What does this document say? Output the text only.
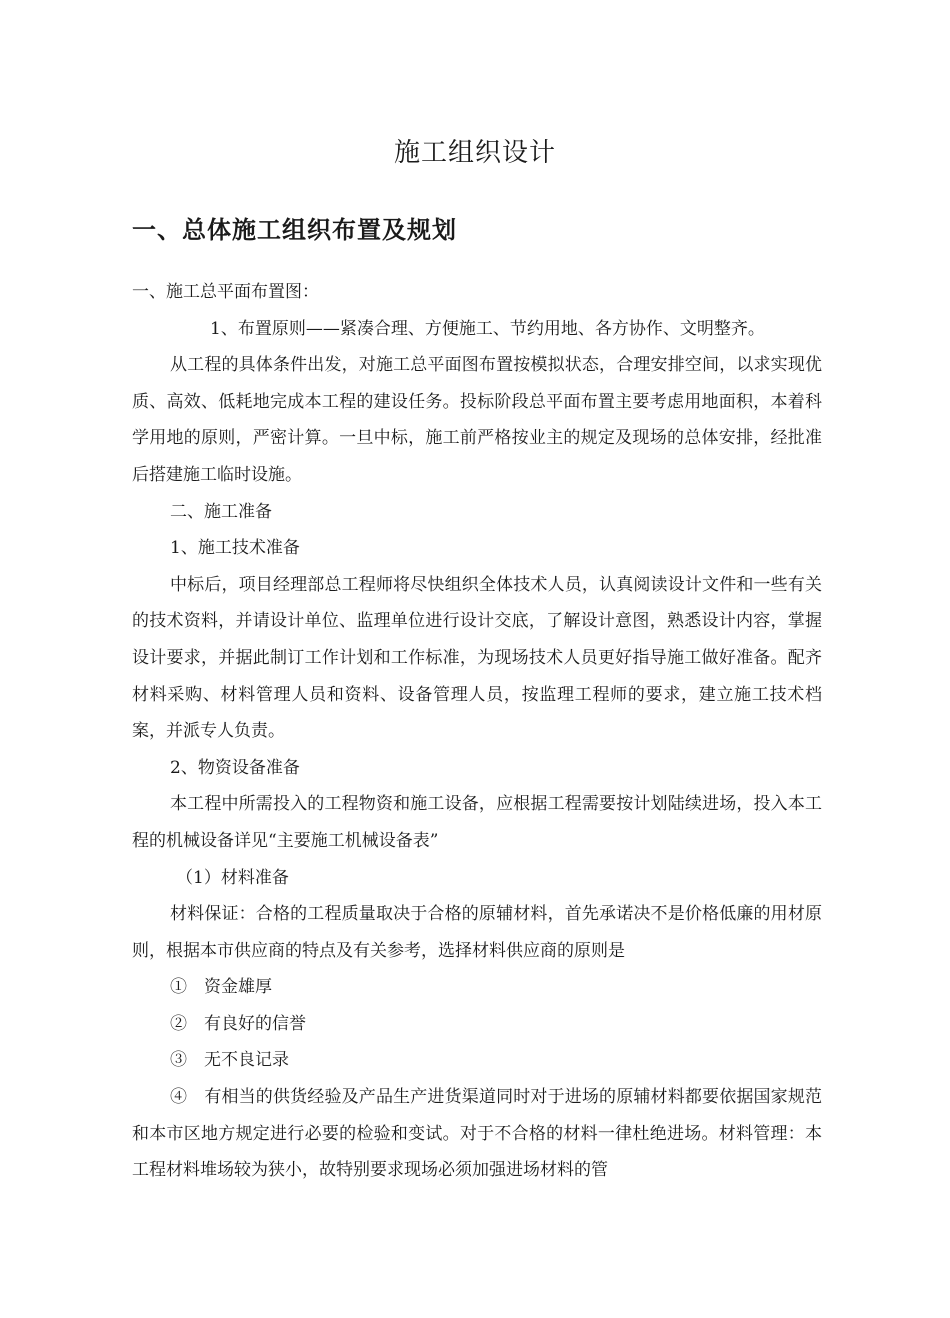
施工组织设计
一、总体施工组织布置及规划

一、施工总平面布置图：

1、布置原则——紧凑合理、方便施工、节约用地、各方协作、文明整齐。

从工程的具体条件出发，对施工总平面图布置按模拟状态，合理安排空间，以求实现优质、高效、低耗地完成本工程的建设任务。投标阶段总平面布置主要考虑用地面积，本着科学用地的原则，严密计算。一旦中标，施工前严格按业主的规定及现场的总体安排，经批准后搭建施工临时设施。

二、施工准备

1、施工技术准备

中标后，项目经理部总工程师将尽快组织全体技术人员，认真阅读设计文件和一些有关的技术资料，并请设计单位、监理单位进行设计交底，了解设计意图，熟悉设计内容，掌握设计要求，并据此制订工作计划和工作标准，为现场技术人员更好指导施工做好准备。配齐材料采购、材料管理人员和资料、设备管理人员，按监理工程师的要求，建立施工技术档案，并派专人负责。

2、物资设备准备

本工程中所需投入的工程物资和施工设备，应根据工程需要按计划陆续进场，投入本工程的机械设备详见“主要施工机械设备表”

（1）材料准备

材料保证：合格的工程质量取决于合格的原辅材料，首先承诺决不是价格低廉的用材原则，根据本市供应商的特点及有关参考，选择材料供应商的原则是

①　资金雄厚

②　有良好的信誉

③　无不良记录

④　有相当的供货经验及产品生产进货渠道同时对于进场的原辅材料都要依据国家规范和本市区地方规定进行必要的检验和变试。对于不合格的材料一律杜绝进场。材料管理：本工程材料堆场较为狭小，故特别要求现场必须加强进场材料的管
